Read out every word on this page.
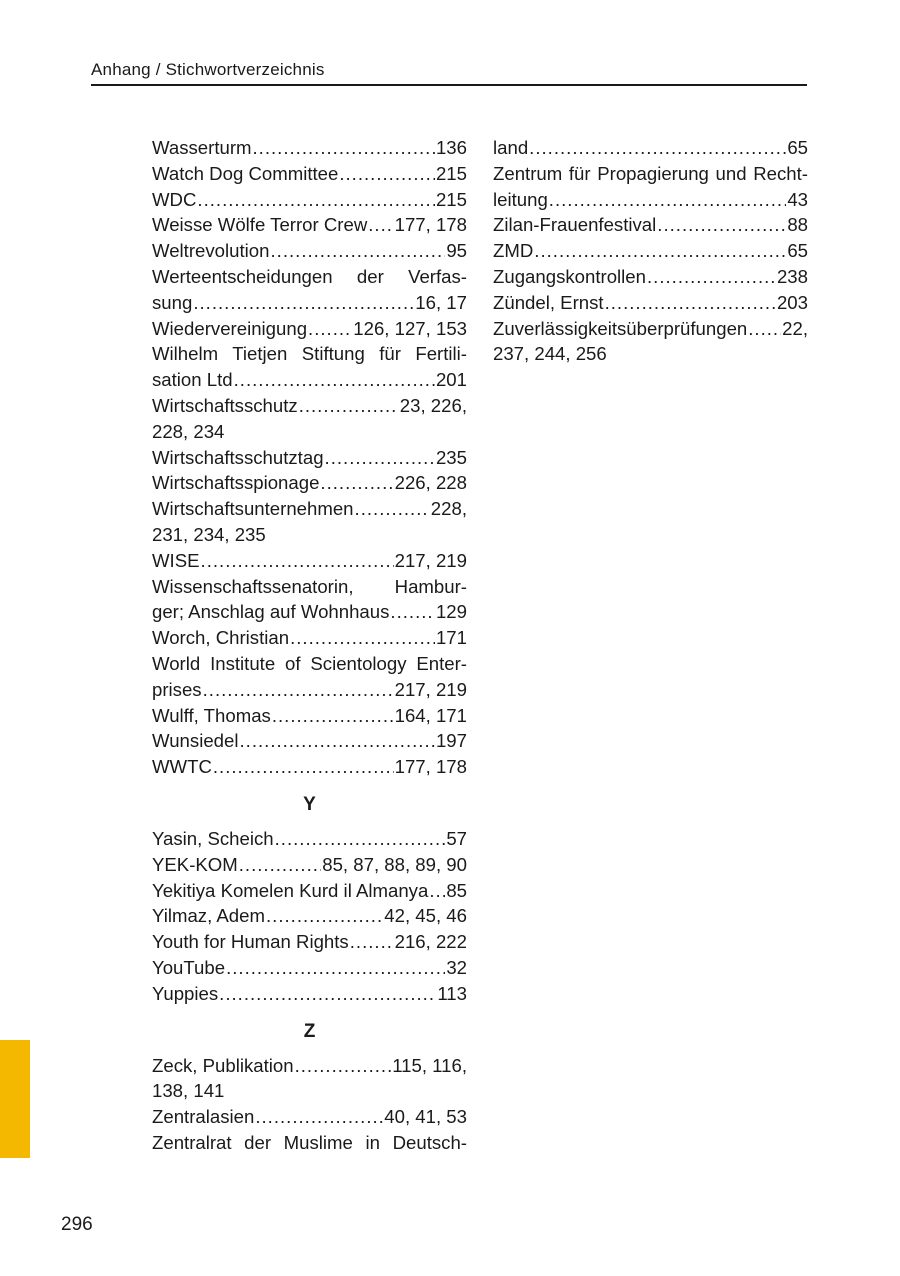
Anhang / Stichwortverzeichnis
Wasserturm .....	136
Watch Dog Committee .....	215
WDC .....	215
Weisse Wölfe Terror Crew ..... 177, 178
Weltrevolution .....	95
Werteentscheidungen der Verfas-
sung .....	16, 17
Wiedervereinigung ..... 126, 127, 153
Wilhelm Tietjen Stiftung für Fertili-
sation Ltd .....	201
Wirtschaftsschutz .....	23, 226,
228, 234
Wirtschaftsschutztag .....	235
Wirtschaftsspionage .....	226, 228
Wirtschaftsunternehmen .....	228,
231, 234, 235
WISE .....	217, 219
Wissenschaftssenatorin, Hambur-
ger; Anschlag auf Wohnhaus .....	129
Worch, Christian .....	171
World Institute of Scientology Enter-
prises .....	217, 219
Wulff, Thomas .....	164, 171
Wunsiedel .....	197
WWTC .....	177, 178
Y
Yasin, Scheich .....	57
YEK-KOM .....	85, 87, 88, 89, 90
Yekitiya Komelen Kurd il Almanya ..... 85
Yilmaz, Adem .....	42, 45, 46
Youth for Human Rights ..... 216, 222
YouTube .....	32
Yuppies .....	113
Z
Zeck, Publikation .....	115, 116,
138, 141
Zentralasien .....	40, 41, 53
Zentralrat der Muslime in Deutsch-
land .....	65
Zentrum für Propagierung und Recht-
leitung .....	43
Zilan-Frauenfestival .....	88
ZMD .....	65
Zugangskontrollen .....	238
Zündel, Ernst .....	203
Zuverlässigkeitsüberprüfungen ..... 22,
237, 244, 256
296
